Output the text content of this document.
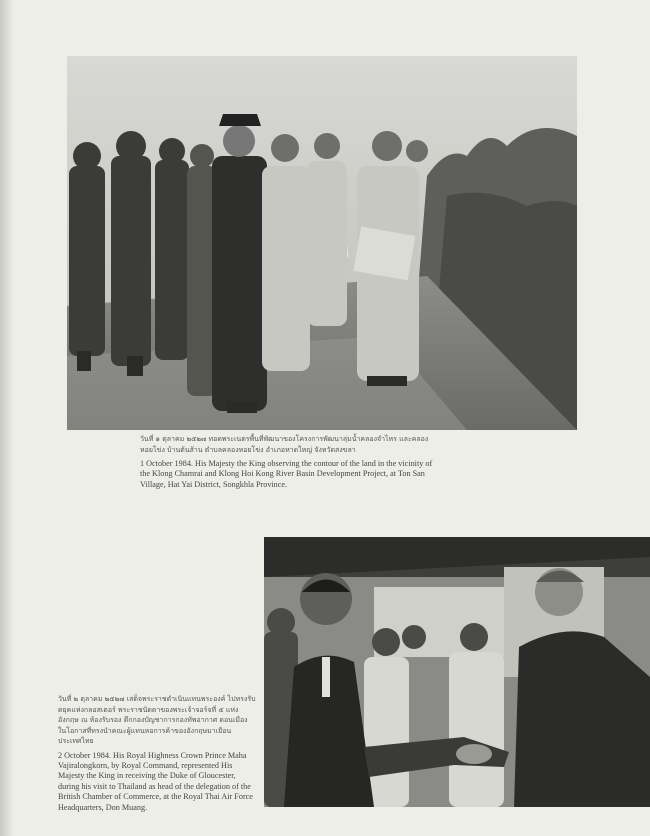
วันที่ ๑ ตุลาคม ๒๕๒๗ ทอดพระเนตรพื้นที่พัฒนาของโครงการพัฒนาลุ่มน้ำคลองจำไหร และคลองหอยโข่ง บ้านต้นส้าน ตำบลคลองหอยโข่ง อำเภอหาดใหญ่ จังหวัดสงขลา

1 October 1984. His Majesty the King observing the contour of the land in the vicinity of the Klong Chamrai and Klong Hoi Kong River Basin Development Project, at Ton San Village, Hat Yai District, Songkhla Province.

วันที่ ๒ ตุลาคม ๒๕๒๗ เสด็จพระราชดำเนินแทนพระองค์ ไปทรงรับดยุคแห่งกลอสเตอร์ พระราชนัดดาของพระเจ้าจอร์จที่ ๕ แห่งอังกฤษ ณ ห้องรับรอง ตึกกองบัญชาการกองทัพอากาศ ดอนเมือง ในโอกาสที่ทรงนำคณะผู้แทนหอการค้าของอังกฤษมาเยือนประเทศไทย

2 October 1984. His Royal Highness Crown Prince Maha Vajiralongkorn, by Royal Command, represented His Majesty the King in receiving the Duke of Gloucester, during his visit to Thailand as head of the delegation of the British Chamber of Commerce, at the Royal Thai Air Force Headquarters, Don Muang.
